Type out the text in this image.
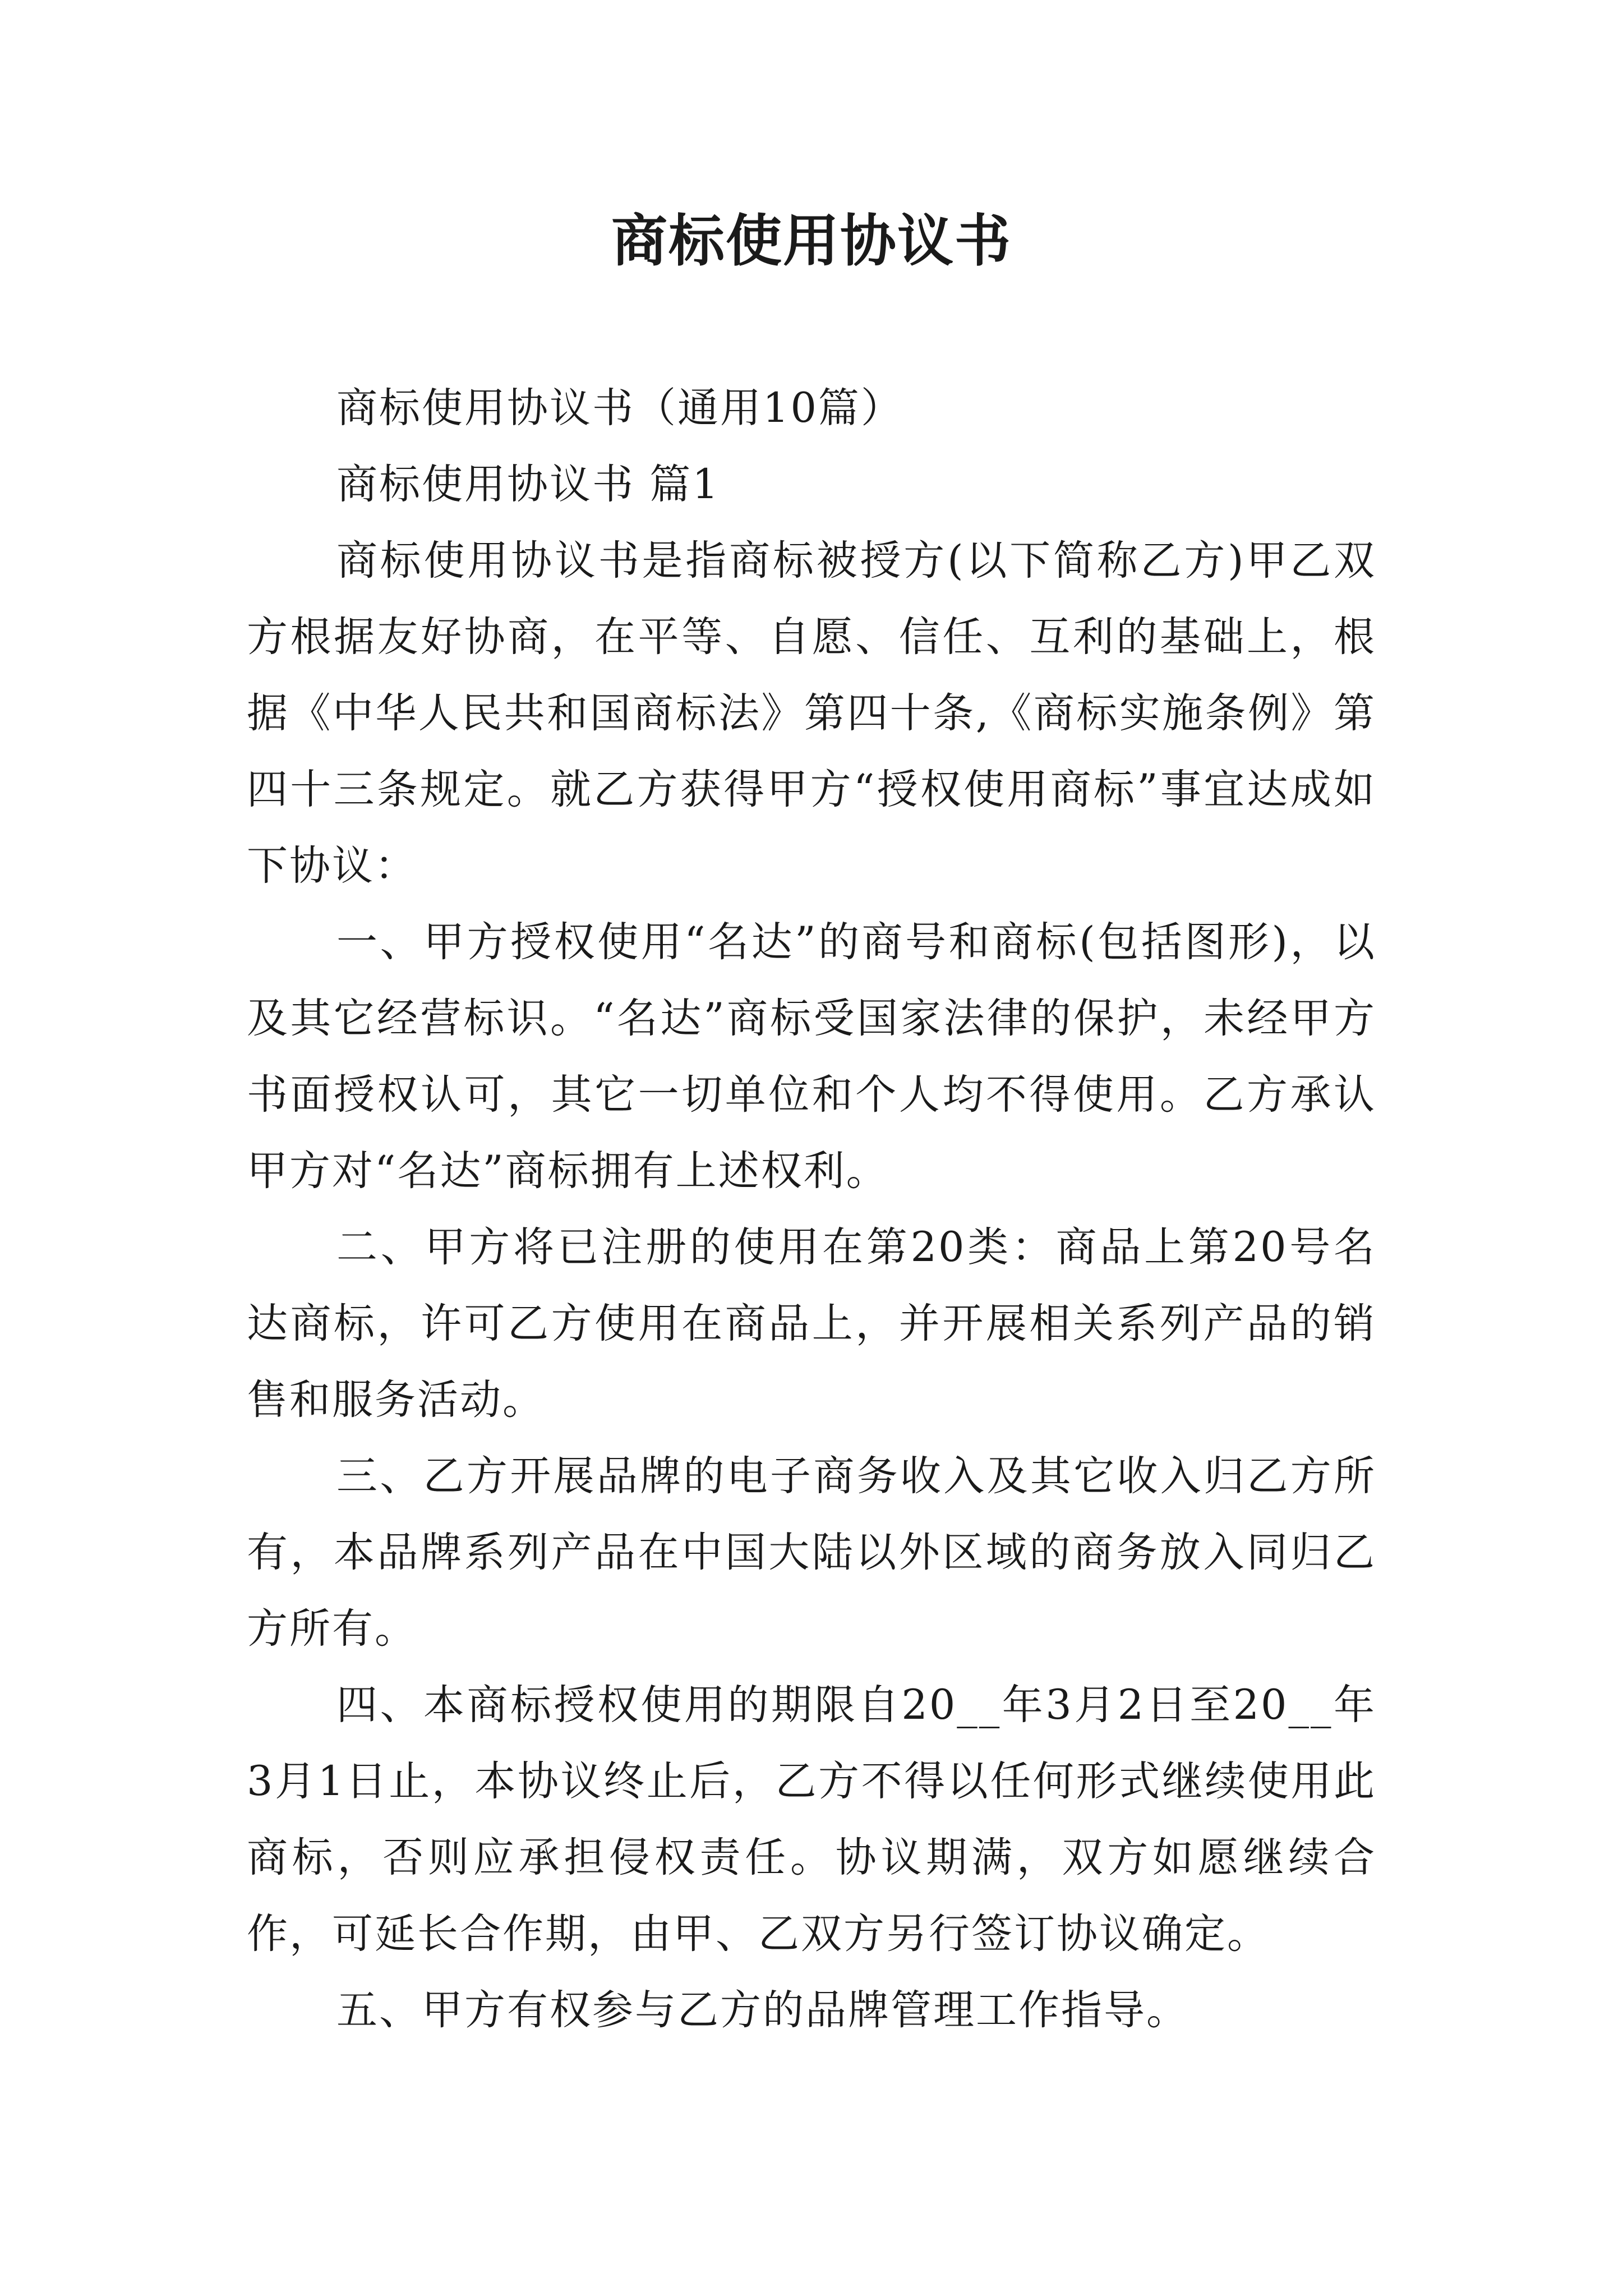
商标使用协议书

商标使用协议书（通用10篇）

商标使用协议书 篇1

商标使用协议书是指商标被授方(以下简称乙方)甲乙双方根据友好协商，在平等、自愿、信任、互利的基础上，根据《中华人民共和国商标法》第四十条,《商标实施条例》第四十三条规定。就乙方获得甲方“授权使用商标”事宜达成如下协议：

一、甲方授权使用“名达”的商号和商标(包括图形)，以及其它经营标识。“名达”商标受国家法律的保护，未经甲方书面授权认可，其它一切单位和个人均不得使用。乙方承认甲方对“名达”商标拥有上述权利。

二、甲方将已注册的使用在第20类：商品上第20号名达商标，许可乙方使用在商品上，并开展相关系列产品的销售和服务活动。

三、乙方开展品牌的电子商务收入及其它收入归乙方所有，本品牌系列产品在中国大陆以外区域的商务放入同归乙方所有。

四、本商标授权使用的期限自20__年3月2日至20__年3月1日止，本协议终止后，乙方不得以任何形式继续使用此商标，否则应承担侵权责任。协议期满，双方如愿继续合作，可延长合作期，由甲、乙双方另行签订协议确定。

五、甲方有权参与乙方的品牌管理工作指导。
